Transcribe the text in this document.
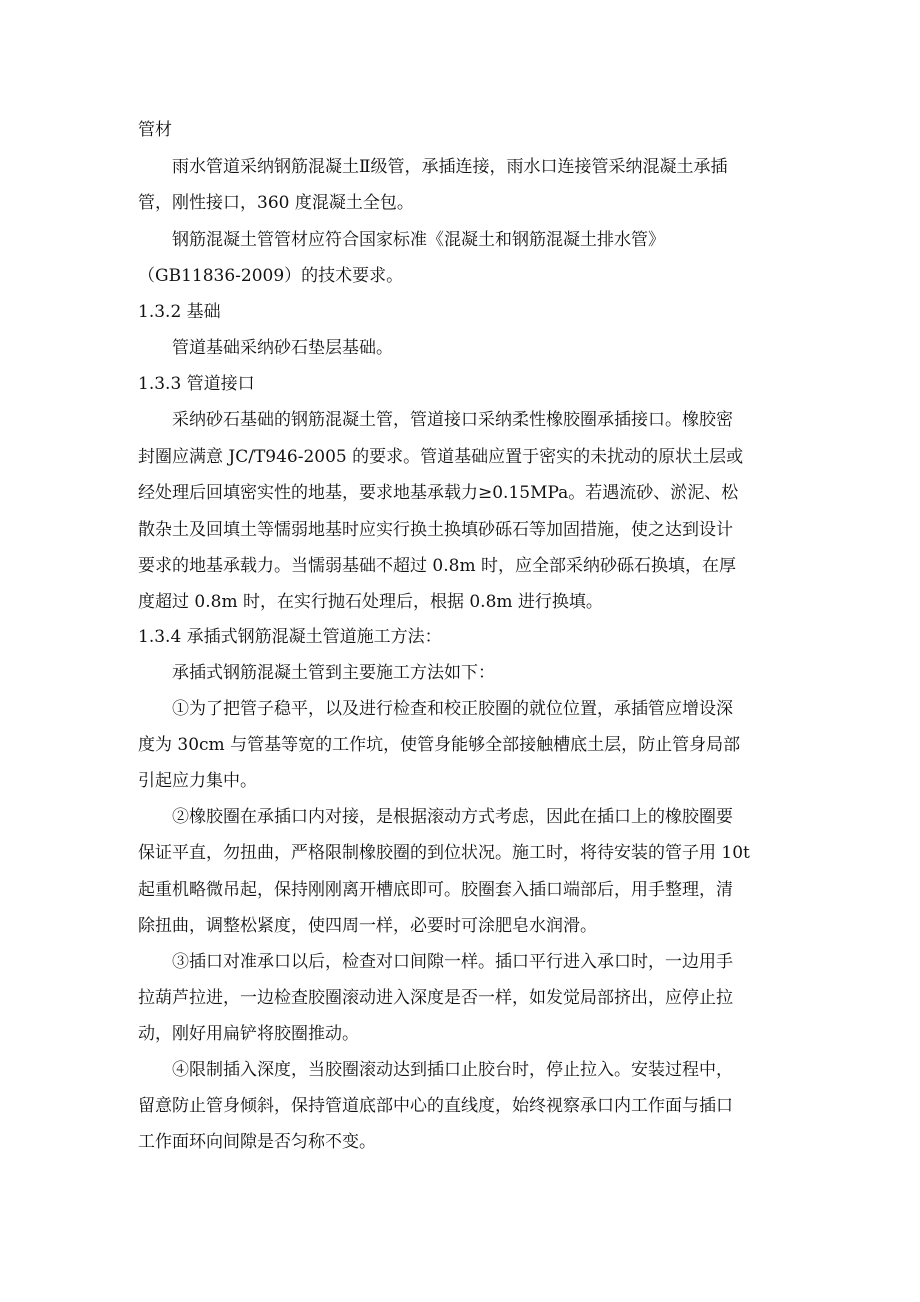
管材
雨水管道采纳钢筋混凝土Ⅱ级管，承插连接，雨水口连接管采纳混凝土承插
管，刚性接口，360 度混凝土全包。
钢筋混凝土管管材应符合国家标准《混凝土和钢筋混凝土排水管》
（GB11836-2009）的技术要求。
1.3.2 基础
管道基础采纳砂石垫层基础。
1.3.3 管道接口
采纳砂石基础的钢筋混凝土管，管道接口采纳柔性橡胶圈承插接口。橡胶密
封圈应满意 JC/T946-2005 的要求。管道基础应置于密实的未扰动的原状土层或
经处理后回填密实性的地基，要求地基承载力≥0.15MPa。若遇流砂、淤泥、松
散杂土及回填土等懦弱地基时应实行换土换填砂砾石等加固措施，使之达到设计
要求的地基承载力。当懦弱基础不超过 0.8m 时，应全部采纳砂砾石换填，在厚
度超过 0.8m 时，在实行抛石处理后，根据 0.8m 进行换填。
1.3.4 承插式钢筋混凝土管道施工方法：
承插式钢筋混凝土管到主要施工方法如下：
①为了把管子稳平，以及进行检查和校正胶圈的就位位置，承插管应增设深
度为 30cm 与管基等宽的工作坑，使管身能够全部接触槽底土层，防止管身局部
引起应力集中。
②橡胶圈在承插口内对接，是根据滚动方式考虑，因此在插口上的橡胶圈要
保证平直，勿扭曲，严格限制橡胶圈的到位状况。施工时，将待安装的管子用 10t
起重机略微吊起，保持刚刚离开槽底即可。胶圈套入插口端部后，用手整理，清
除扭曲，调整松紧度，使四周一样，必要时可涂肥皂水润滑。
③插口对准承口以后，检查对口间隙一样。插口平行进入承口时，一边用手
拉葫芦拉进，一边检查胶圈滚动进入深度是否一样，如发觉局部挤出，应停止拉
动，刚好用扁铲将胶圈推动。
④限制插入深度，当胶圈滚动达到插口止胶台时，停止拉入。安装过程中，
留意防止管身倾斜，保持管道底部中心的直线度，始终视察承口内工作面与插口
工作面环向间隙是否匀称不变。
